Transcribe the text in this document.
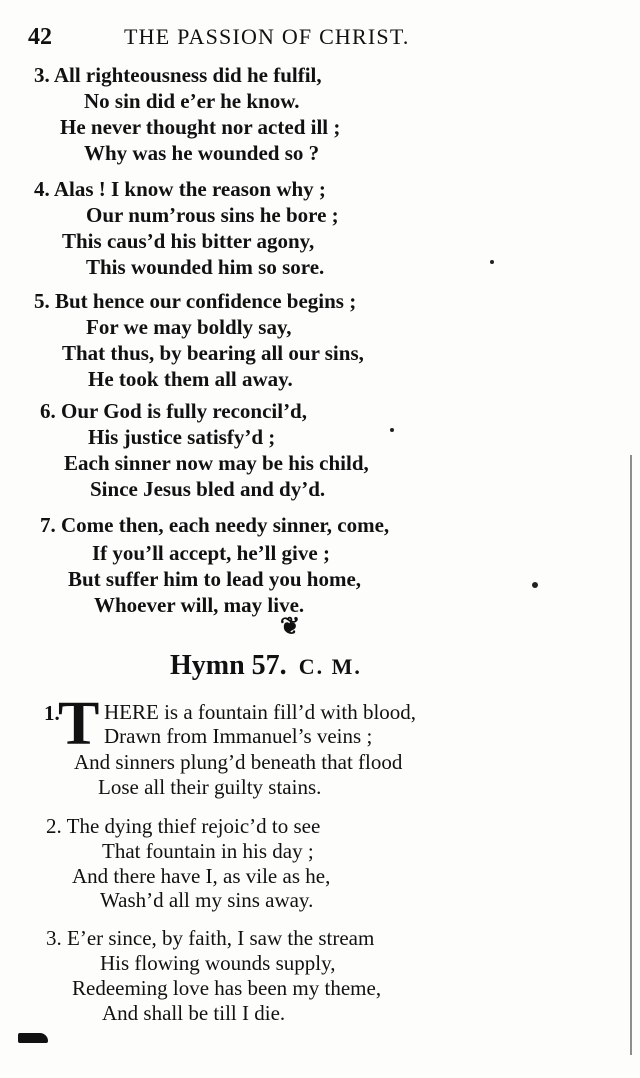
42	THE PASSION OF CHRIST.
3. All righteousness did he fulfil,
No sin did e’er he know.
He never thought nor acted ill ;
Why was he wounded so ?
4. Alas ! I know the reason why ;
Our num’rous sins he bore ;
This caus’d his bitter agony,
This wounded him so sore.
5. But hence our confidence begins ;
For we may boldly say,
That thus, by bearing all our sins,
He took them all away.
6. Our God is fully reconcil’d,
His justice satisfy’d ;
Each sinner now may be his child,
Since Jesus bled and dy’d.
7. Come then, each needy sinner, come,
If you’ll accept, he’ll give ;
But suffer him to lead you home,
Whoever will, may live.
❦
Hymn 57. C. M.
1.
T HERE is a fountain fill’d with blood,
Drawn from Immanuel’s veins ;
And sinners plung’d beneath that flood
Lose all their guilty stains.
2. The dying thief rejoic’d to see
That fountain in his day ;
And there have I, as vile as he,
Wash’d all my sins away.
3. E’er since, by faith, I saw the stream
His flowing wounds supply,
Redeeming love has been my theme,
And shall be till I die.
